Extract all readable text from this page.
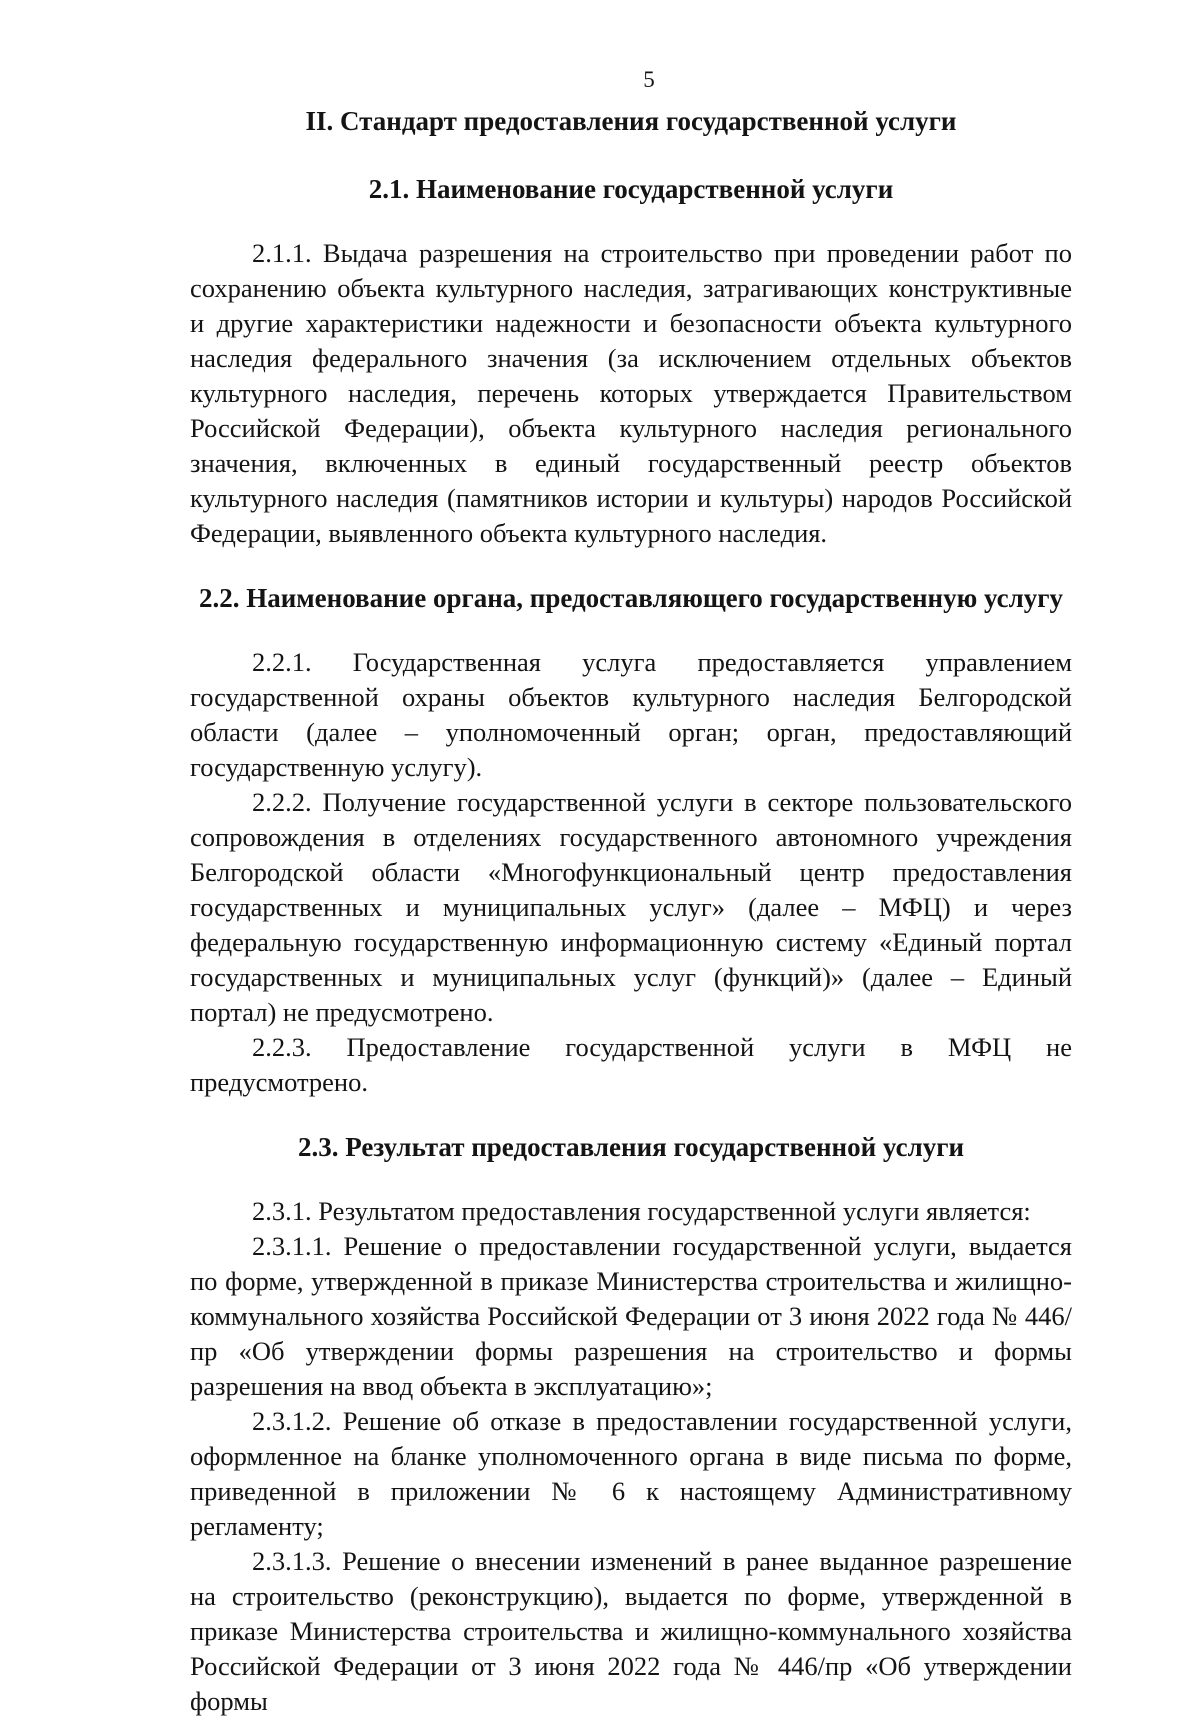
5
II. Стандарт предоставления государственной услуги
2.1. Наименование государственной услуги

2.1.1. Выдача разрешения на строительство при проведении работ по сохранению объекта культурного наследия, затрагивающих конструктивные и другие характеристики надежности и безопасности объекта культурного наследия федерального значения (за исключением отдельных объектов культурного наследия, перечень которых утверждается Правительством Российской Федерации), объекта культурного наследия регионального значения, включенных в единый государственный реестр объектов культурного наследия (памятников истории и культуры) народов Российской Федерации, выявленного объекта культурного наследия.

2.2. Наименование органа, предоставляющего государственную услугу

2.2.1. Государственная услуга предоставляется управлением государственной охраны объектов культурного наследия Белгородской области (далее – уполномоченный орган; орган, предоставляющий государственную услугу).

2.2.2. Получение государственной услуги в секторе пользовательского сопровождения в отделениях государственного автономного учреждения Белгородской области «Многофункциональный центр предоставления государственных и муниципальных услуг» (далее – МФЦ) и через федеральную государственную информационную систему «Единый портал государственных и муниципальных услуг (функций)» (далее – Единый портал) не предусмотрено.

2.2.3. Предоставление государственной услуги в МФЦ не предусмотрено.

2.3. Результат предоставления государственной услуги

2.3.1. Результатом предоставления государственной услуги является:

2.3.1.1. Решение о предоставлении государственной услуги, выдается по форме, утвержденной в приказе Министерства строительства и жилищно-коммунального хозяйства Российской Федерации от 3 июня 2022 года № 446/пр «Об утверждении формы разрешения на строительство и формы разрешения на ввод объекта в эксплуатацию»;

2.3.1.2. Решение об отказе в предоставлении государственной услуги, оформленное на бланке уполномоченного органа в виде письма по форме, приведенной в приложении № 6 к настоящему Административному регламенту;

2.3.1.3. Решение о внесении изменений в ранее выданное разрешение на строительство (реконструкцию), выдается по форме, утвержденной в приказе Министерства строительства и жилищно-коммунального хозяйства Российской Федерации от 3 июня 2022 года № 446/пр «Об утверждении формы
